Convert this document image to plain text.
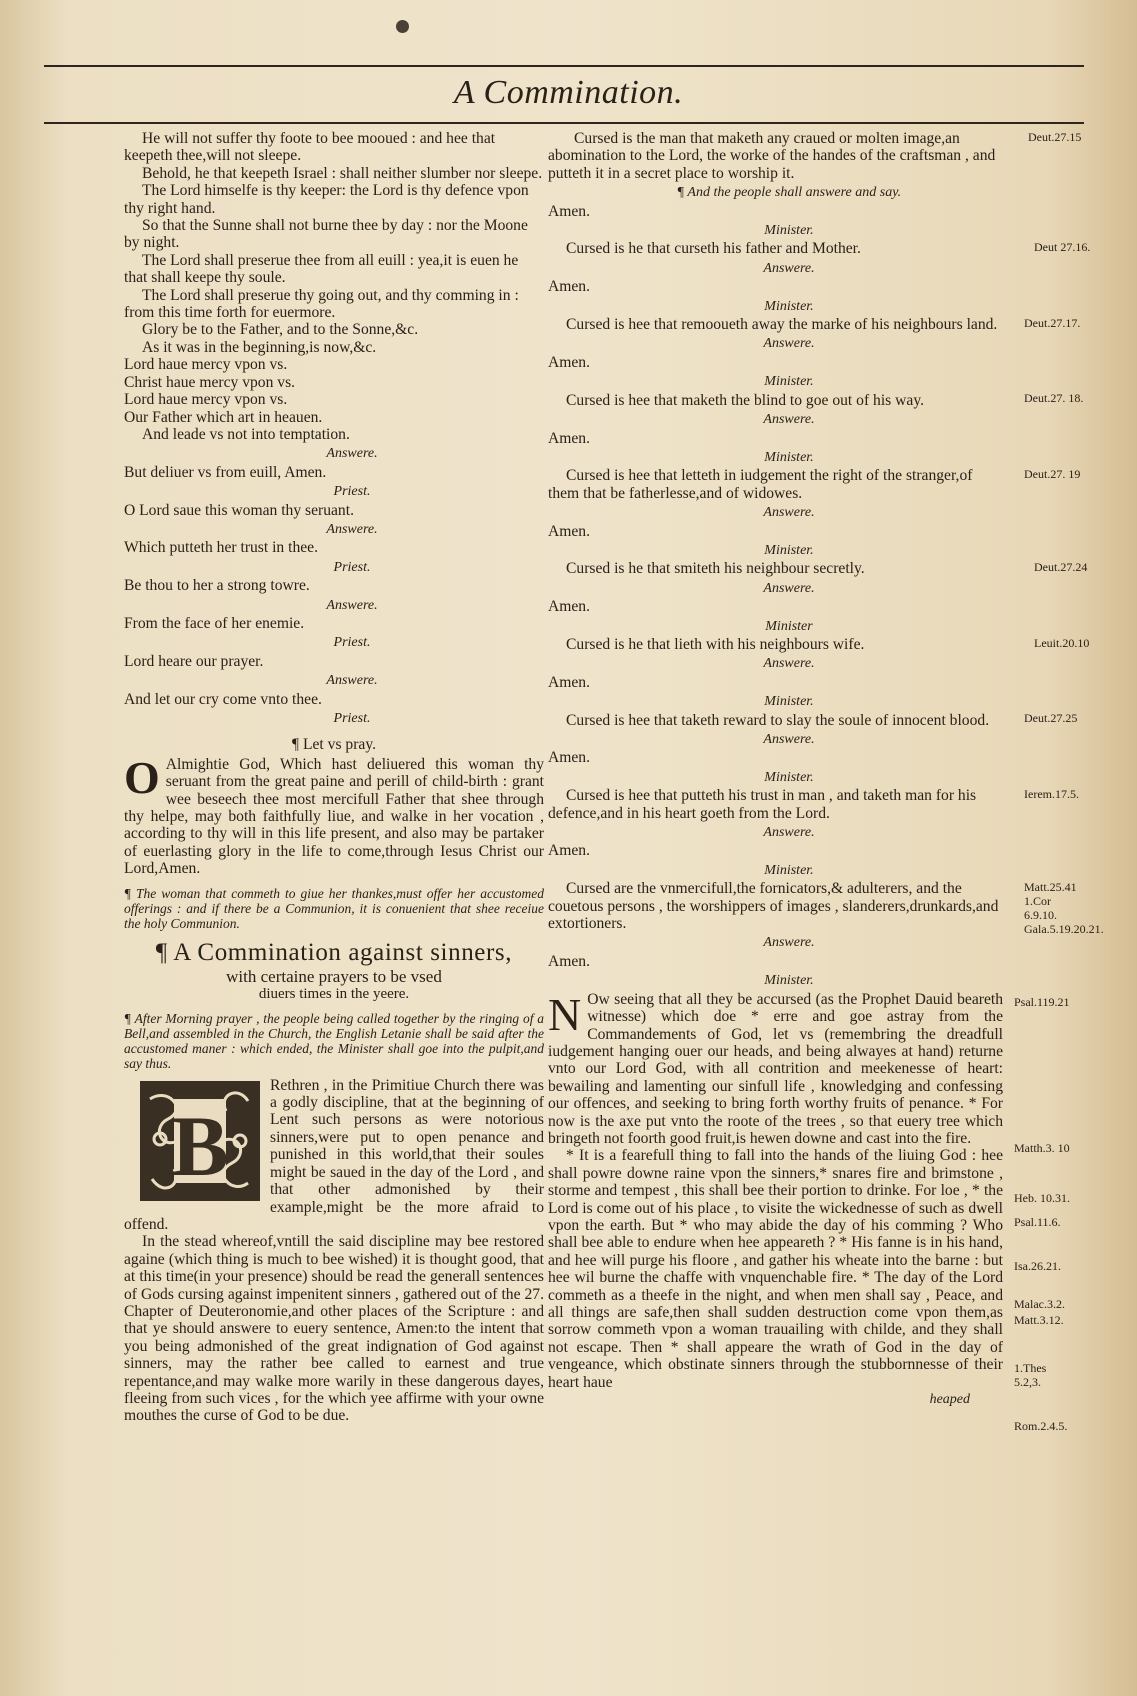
A Commination.

He will not suffer thy foote to bee mooued : and hee that keepeth thee,will not sleepe.

Behold, he that keepeth Israel : shall neither slumber nor sleepe.

The Lord himselfe is thy keeper: the Lord is thy defence vpon thy right hand.

So that the Sunne shall not burne thee by day : nor the Moone by night.

The Lord shall preserue thee from all euill : yea,it is euen he that shall keepe thy soule.

The Lord shall preserue thy going out, and thy comming in : from this time forth for euermore.

Glory be to the Father, and to the Sonne,&c.

As it was in the beginning,is now,&c.

Lord haue mercy vpon vs.

Christ haue mercy vpon vs.

Lord haue mercy vpon vs.

Our Father which art in heauen.

And leade vs not into temptation.

Answere.

But deliuer vs from euill, Amen.

Priest.

O Lord saue this woman thy seruant.

Answere.

Which putteth her trust in thee.

Priest.

Be thou to her a strong towre.

Answere.

From the face of her enemie.

Priest.

Lord heare our prayer.

Answere.

And let our cry come vnto thee.

Priest.
¶ Let vs pray.

O Almightie God, Which hast deliuered this woman thy seruant from the great paine and perill of child-birth : grant wee beseech thee most mercifull Father that shee through thy helpe, may both faithfully liue, and walke in her vocation , according to thy will in this life present, and also may be partaker of euerlasting glory in the life to come,through Iesus Christ our Lord,Amen.

¶ The woman that commeth to giue her thankes,must offer her accustomed offerings : and if there be a Communion, it is conuenient that shee receiue the holy Communion.

¶ A Commination against sinners,
with certaine prayers to be vsed
diuers times in the yeere.

¶ After Morning prayer , the people being called together by the ringing of a Bell,and assembled in the Church, the English Letanie shall be said after the accustomed maner : which ended, the Minister shall goe into the pulpit,and say thus.

B
Rethren , in the Primitiue Church there was a godly discipline, that at the beginning of Lent such persons as were notorious sinners,were put to open penance and punished in this world,that their soules might be saued in the day of the Lord , and that other admonished by their example,might be the more afraid to offend.

In the stead whereof,vntill the said discipline may bee restored againe (which thing is much to bee wished) it is thought good, that at this time(in your presence) should be read the generall sentences of Gods cursing against impenitent sinners , gathered out of the 27. Chapter of Deuteronomie,and other places of the Scripture : and that ye should answere to euery sentence, Amen:to the intent that you being admonished of the great indignation of God against sinners, may the rather bee called to earnest and true repentance,and may walke more warily in these dangerous dayes, fleeing from such vices , for the which yee affirme with your owne mouthes the curse of God to be due.

Cursed is the man that maketh any craued or molten image,an abomination to the Lord, the worke of the handes of the craftsman , and putteth it in a secret place to worship it.

Deut.27.15
¶ And the people shall answere and say.

Amen.

Minister.

Cursed is he that curseth his father and Mother.	Deut 27.16.
Answere.

Amen.

Minister.

Cursed is hee that remooueth away the marke of his neighbours land.	Deut.27.17.
Answere.

Amen.

Minister.

Cursed is hee that maketh the blind to goe out of his way.	Deut.27. 18.
Answere.

Amen.

Minister.

Cursed is hee that letteth in iudgement the right of the stranger,of them that be fatherlesse,and of widowes.

Deut.27. 19
Answere.

Amen.

Minister.

Cursed is he that smiteth his neighbour secretly.	Deut.27.24
Answere.

Amen.

Minister

Cursed is he that lieth with his neighbours wife.	Leuit.20.10
Answere.

Amen.

Minister.

Cursed is hee that taketh reward to slay the soule of innocent blood.	Deut.27.25
Answere.

Amen.

Minister.

Cursed is hee that putteth his trust in man , and taketh man for his defence,and in his heart goeth from the Lord.

Ierem.17.5.
Answere.

Amen.

Minister.

Cursed are the vnmercifull,the fornicators,& adulterers, and the couetous persons , the worshippers of images , slanderers,drunkards,and extortioners.

Matt.25.41 1.Cor 6.9.10. Gala.5.19.20.21.
Answere.

Amen.

Minister.

N Ow seeing that all they be accursed (as the Prophet Dauid beareth witnesse) which doe * erre and goe astray from the Commandements of God, let vs (remembring the dreadfull iudgement hanging ouer our heads, and being alwayes at hand) returne vnto our Lord God, with all contrition and meekenesse of heart: bewailing and lamenting our sinfull life , knowledging and confessing our offences, and seeking to bring forth worthy fruits of penance. * For now is the axe put vnto the roote of the trees , so that euery tree which bringeth not foorth good fruit,is hewen downe and cast into the fire.

* It is a fearefull thing to fall into the hands of the liuing God : hee shall powre downe raine vpon the sinners,* snares fire and brimstone , storme and tempest , this shall bee their portion to drinke. For loe , * the Lord is come out of his place , to visite the wickednesse of such as dwell vpon the earth. But * who may abide the day of his comming ? Who shall bee able to endure when hee appeareth ? * His fanne is in his hand, and hee will purge his floore , and gather his wheate into the barne : but hee wil burne the chaffe with vnquenchable fire. * The day of the Lord commeth as a theefe in the night, and when men shall say , Peace, and all things are safe,then shall sudden destruction come vpon them,as sorrow commeth vpon a woman trauailing with childe, and they shall not escape. Then * shall appeare the wrath of God in the day of vengeance, which obstinate sinners through the stubbornnesse of their heart haue

Psal.119.21
Matth.3. 10
Heb. 10.31.
Psal.11.6.
Isa.26.21.
Malac.3.2.
Matt.3.12.
1.Thes 5.2,3.
Rom.2.4.5.
heaped
